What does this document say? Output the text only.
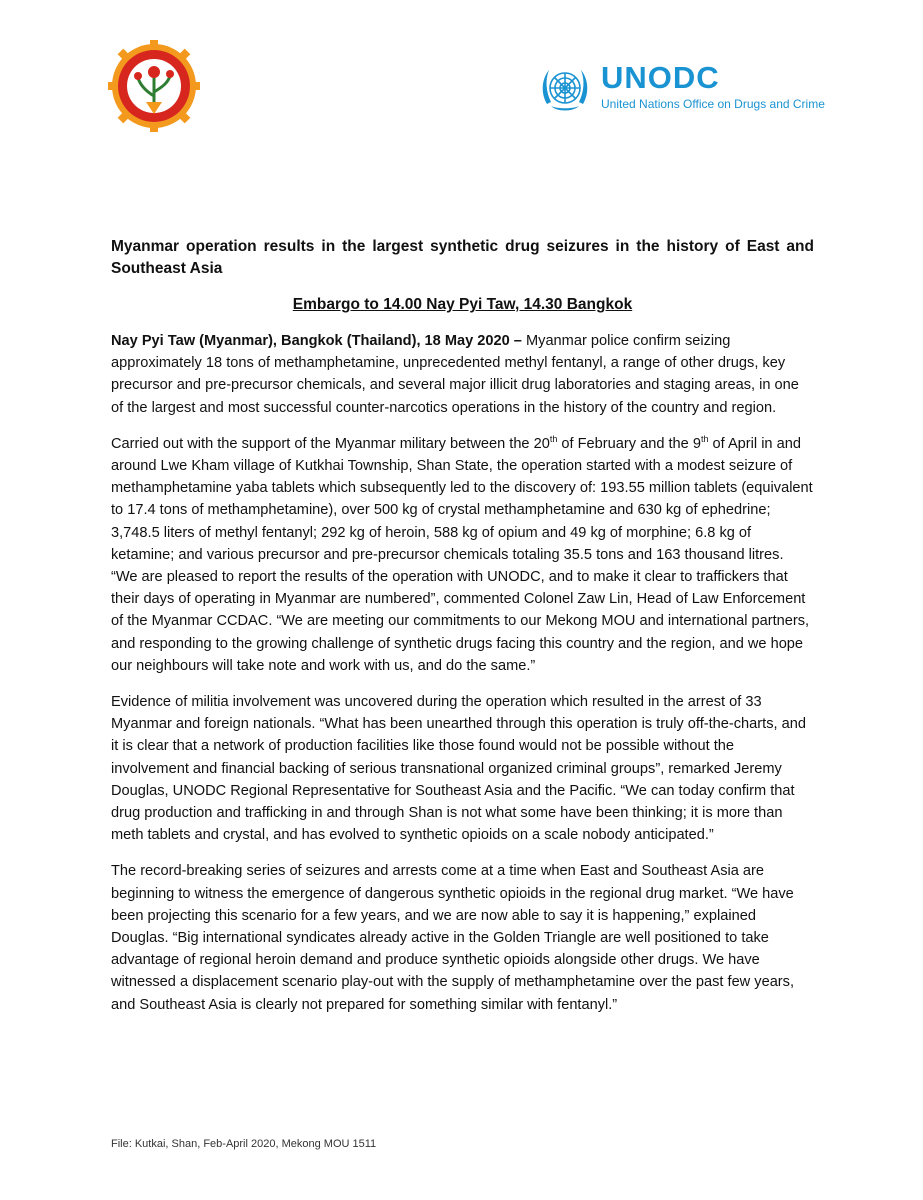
UNODC
United Nations Office on Drugs and Crime

Myanmar operation results in the largest synthetic drug seizures in the history of East and Southeast Asia

Embargo to 14.00 Nay Pyi Taw, 14.30 Bangkok

Nay Pyi Taw (Myanmar), Bangkok (Thailand), 18 May 2020 – Myanmar police confirm seizing approximately 18 tons of methamphetamine, unprecedented methyl fentanyl, a range of other drugs, key precursor and pre-precursor chemicals, and several major illicit drug laboratories and staging areas, in one of the largest and most successful counter-narcotics operations in the history of the country and region.

Carried out with the support of the Myanmar military between the 20th of February and the 9th of April in and around Lwe Kham village of Kutkhai Township, Shan State, the operation started with a modest seizure of methamphetamine yaba tablets which subsequently led to the discovery of: 193.55 million tablets (equivalent to 17.4 tons of methamphetamine), over 500 kg of crystal methamphetamine and 630 kg of ephedrine; 3,748.5 liters of methyl fentanyl; 292 kg of heroin, 588 kg of opium and 49 kg of morphine; 6.8 kg of ketamine; and various precursor and pre-precursor chemicals totaling 35.5 tons and 163 thousand litres. “We are pleased to report the results of the operation with UNODC, and to make it clear to traffickers that their days of operating in Myanmar are numbered”, commented Colonel Zaw Lin, Head of Law Enforcement of the Myanmar CCDAC. “We are meeting our commitments to our Mekong MOU and international partners, and responding to the growing challenge of synthetic drugs facing this country and the region, and we hope our neighbours will take note and work with us, and do the same.”

Evidence of militia involvement was uncovered during the operation which resulted in the arrest of 33 Myanmar and foreign nationals. “What has been unearthed through this operation is truly off-the-charts, and it is clear that a network of production facilities like those found would not be possible without the involvement and financial backing of serious transnational organized criminal groups”, remarked Jeremy Douglas, UNODC Regional Representative for Southeast Asia and the Pacific. “We can today confirm that drug production and trafficking in and through Shan is not what some have been thinking; it is more than meth tablets and crystal, and has evolved to synthetic opioids on a scale nobody anticipated.”

The record-breaking series of seizures and arrests come at a time when East and Southeast Asia are beginning to witness the emergence of dangerous synthetic opioids in the regional drug market. “We have been projecting this scenario for a few years, and we are now able to say it is happening,” explained Douglas. “Big international syndicates already active in the Golden Triangle are well positioned to take advantage of regional heroin demand and produce synthetic opioids alongside other drugs. We have witnessed a displacement scenario play-out with the supply of methamphetamine over the past few years, and Southeast Asia is clearly not prepared for something similar with fentanyl.”

File: Kutkai, Shan, Feb-April 2020, Mekong MOU 1511
